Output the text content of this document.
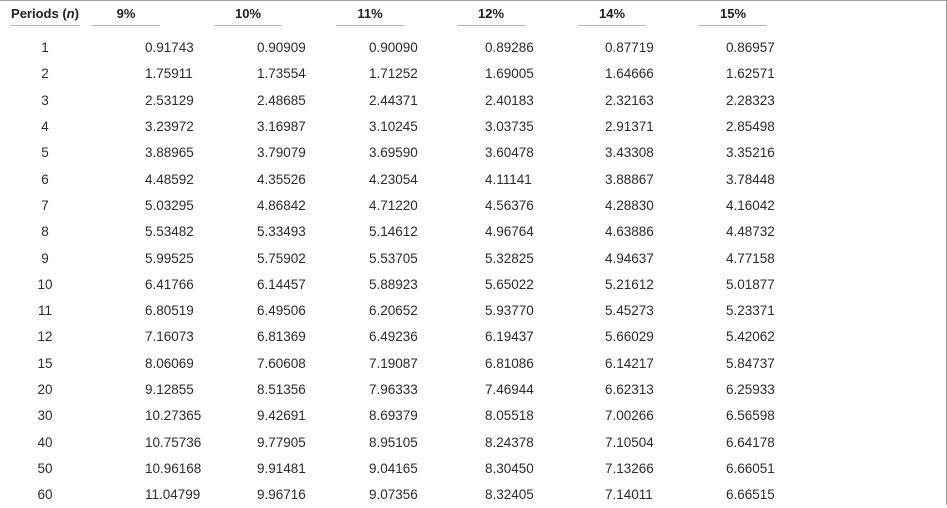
Periods (n)	9%	10%	11%	12%	14%	15%
1	0.91743	0.90909	0.90090	0.89286	0.87719	0.86957
2	1.75911	1.73554	1.71252	1.69005	1.64666	1.62571
3	2.53129	2.48685	2.44371	2.40183	2.32163	2.28323
4	3.23972	3.16987	3.10245	3.03735	2.91371	2.85498
5	3.88965	3.79079	3.69590	3.60478	3.43308	3.35216
6	4.48592	4.35526	4.23054	4.11141	3.88867	3.78448
7	5.03295	4.86842	4.71220	4.56376	4.28830	4.16042
8	5.53482	5.33493	5.14612	4.96764	4.63886	4.48732
9	5.99525	5.75902	5.53705	5.32825	4.94637	4.77158
10	6.41766	6.14457	5.88923	5.65022	5.21612	5.01877
11	6.80519	6.49506	6.20652	5.93770	5.45273	5.23371
12	7.16073	6.81369	6.49236	6.19437	5.66029	5.42062
15	8.06069	7.60608	7.19087	6.81086	6.14217	5.84737
20	9.12855	8.51356	7.96333	7.46944	6.62313	6.25933
30	10.27365	9.42691	8.69379	8.05518	7.00266	6.56598
40	10.75736	9.77905	8.95105	8.24378	7.10504	6.64178
50	10.96168	9.91481	9.04165	8.30450	7.13266	6.66051
60	11.04799	9.96716	9.07356	8.32405	7.14011	6.66515
